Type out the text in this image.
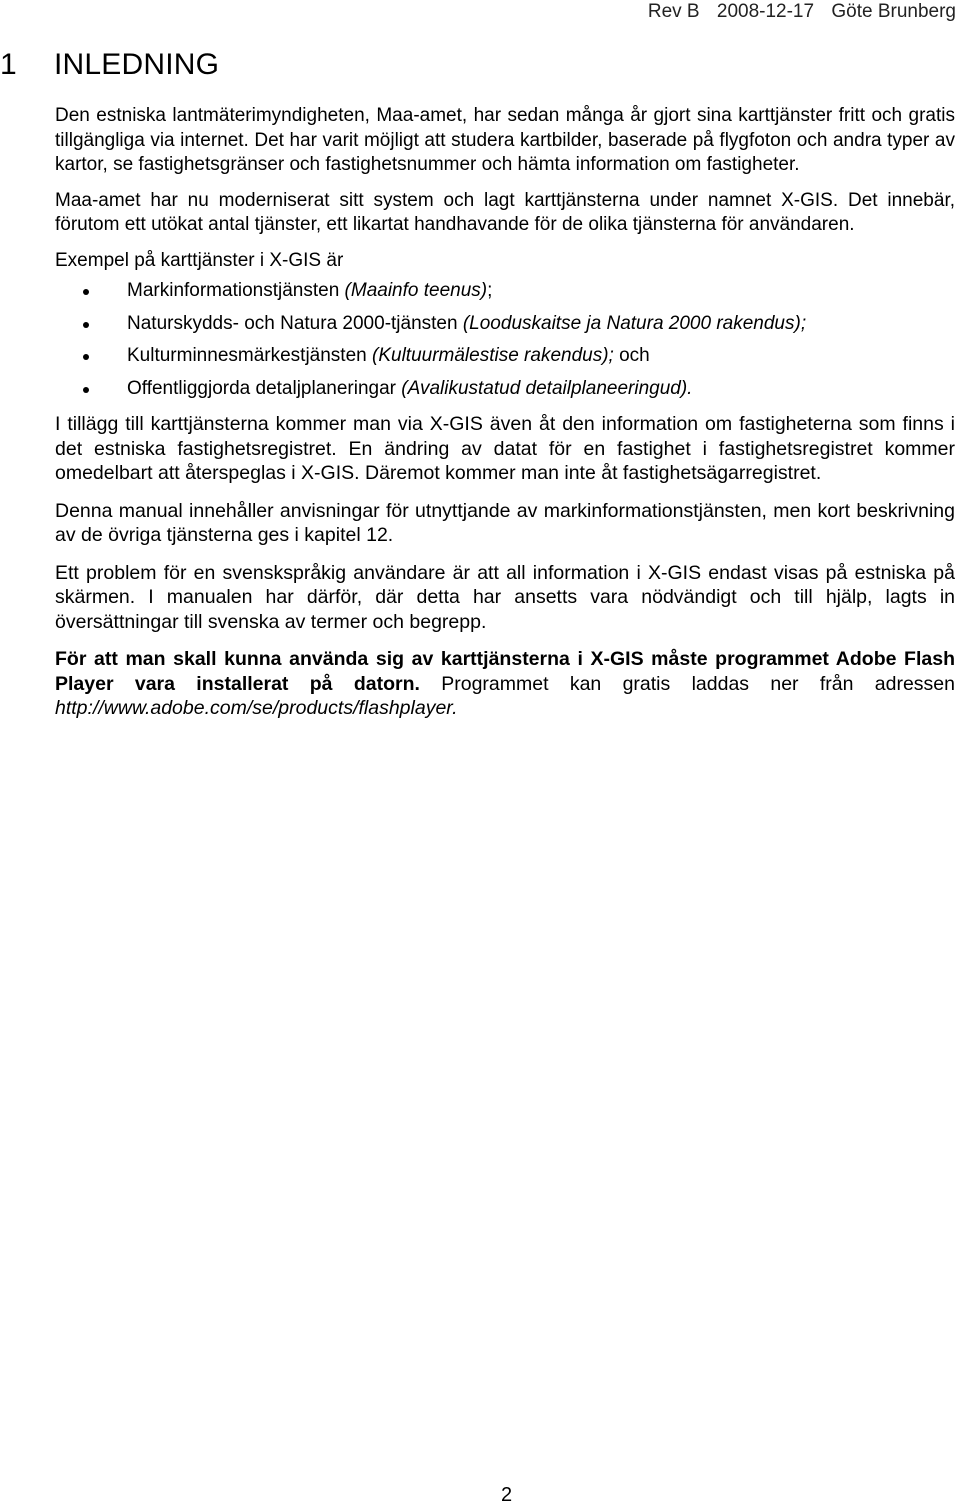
Rev B 2008-12-17 Göte Brunberg
1 INLEDNING

Den estniska lantmäterimyndigheten, Maa-amet, har sedan många år gjort sina karttjänster fritt och gratis tillgängliga via internet. Det har varit möjligt att studera kartbilder, baserade på flygfoton och andra typer av kartor, se fastighetsgränser och fastighetsnummer och hämta information om fastigheter.

Maa-amet har nu moderniserat sitt system och lagt karttjänsterna under namnet X-GIS. Det innebär, förutom ett utökat antal tjänster, ett likartat handhavande för de olika tjänsterna för användaren.

Exempel på karttjänster i X-GIS är

Markinformationstjänsten (Maainfo teenus);
Naturskydds- och Natura 2000-tjänsten (Looduskaitse ja Natura 2000 rakendus);
Kulturminnesmärkestjänsten (Kultuurmälestise rakendus); och
Offentliggjorda detaljplaneringar (Avalikustatud detailplaneeringud).

I tillägg till karttjänsterna kommer man via X-GIS även åt den information om fastigheterna som finns i det estniska fastighetsregistret. En ändring av datat för en fastighet i fastighetsregistret kommer omedelbart att återspeglas i X-GIS. Däremot kommer man inte åt fastighetsägarregistret.

Denna manual innehåller anvisningar för utnyttjande av markinformationstjänsten, men kort beskrivning av de övriga tjänsterna ges i kapitel 12.

Ett problem för en svenskspråkig användare är att all information i X-GIS endast visas på estniska på skärmen. I manualen har därför, där detta har ansetts vara nödvändigt och till hjälp, lagts in översättningar till svenska av termer och begrepp.

För att man skall kunna använda sig av karttjänsterna i X-GIS måste programmet Adobe Flash Player vara installerat på datorn. Programmet kan gratis laddas ner från adressen http://www.adobe.com/se/products/flashplayer.

2
